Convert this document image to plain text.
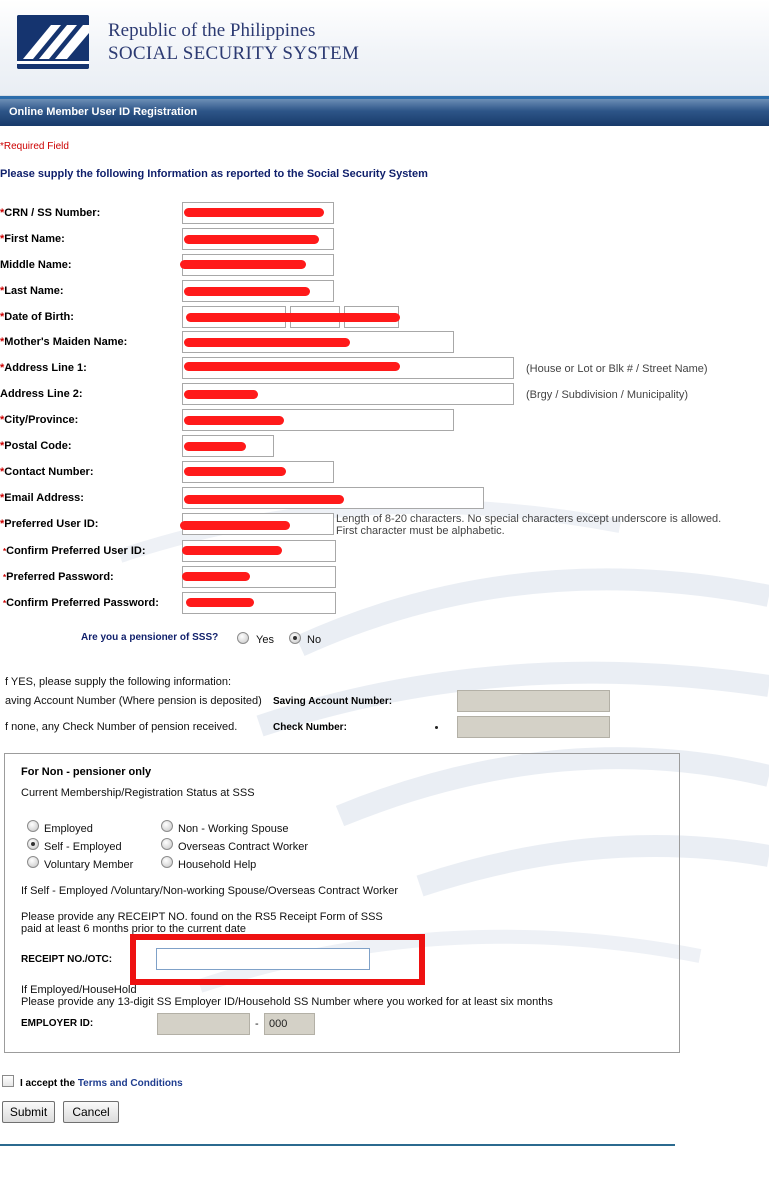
Republic of the Philippines
SOCIAL SECURITY SYSTEM
Online Member User ID Registration
*Required Field
Please supply the following Information as reported to the Social Security System
*CRN / SS Number:
*First Name:
Middle Name:
*Last Name:
*Date of Birth:
*Mother's Maiden Name:
*Address Line 1:	(House or Lot or Blk # / Street Name)
Address Line 2:	(Brgy / Subdivision / Municipality)
*City/Province:
*Postal Code:
*Contact Number:
*Email Address:
*Preferred User ID:	Length of 8-20 characters. No special characters except underscore is allowed.
First character must be alphabetic.
*Confirm Preferred User ID:
*Preferred Password:
*Confirm Preferred Password:
Are you a pensioner of SSS?	Yes	No
f YES, please supply the following information:
aving Account Number (Where pension is deposited) Saving Account Number:
f none, any Check Number of pension received.	Check Number:
For Non - pensioner only
Current Membership/Registration Status at SSS
Employed
Self - Employed
Voluntary Member
Non - Working Spouse
Overseas Contract Worker
Household Help
If Self - Employed /Voluntary/Non-working Spouse/Overseas Contract Worker
Please provide any RECEIPT NO. found on the RS5 Receipt Form of SSS
paid at least 6 months prior to the current date
RECEIPT NO./OTC:
If Employed/HouseHold
Please provide any 13-digit SS Employer ID/Household SS Number where you worked for at least six months
EMPLOYER ID:	- 000
I accept the Terms and Conditions
Submit	Cancel
